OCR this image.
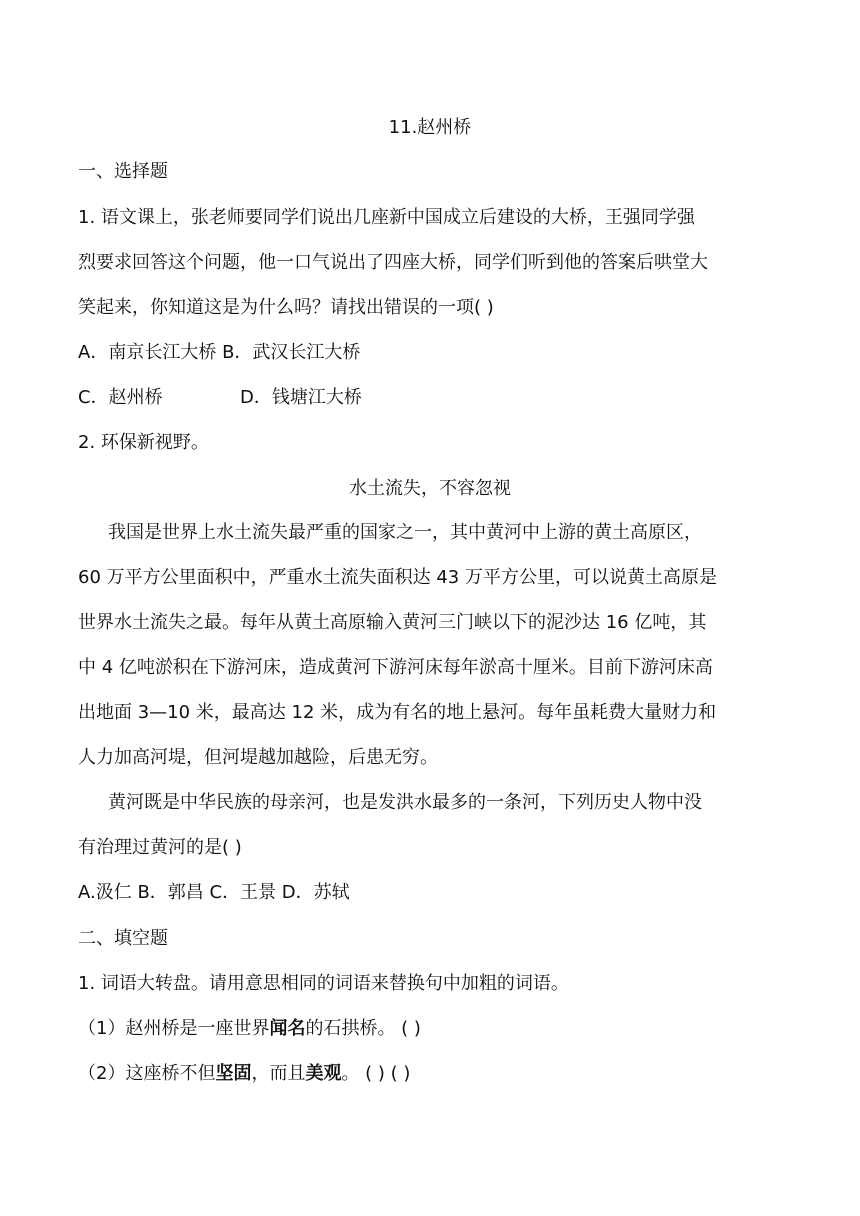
11.赵州桥
一、选择题
1. 语文课上，张老师要同学们说出几座新中国成立后建设的大桥，王强同学强
烈要求回答这个问题，他一口气说出了四座大桥，同学们听到他的答案后哄堂大
笑起来，你知道这是为什么吗？请找出错误的一项( )
A．南京长江大桥 B．武汉长江大桥
C．赵州桥	D．钱塘江大桥
2. 环保新视野。
水土流失，不容忽视
我国是世界上水土流失最严重的国家之一，其中黄河中上游的黄土高原区，
60 万平方公里面积中，严重水土流失面积达 43 万平方公里，可以说黄土高原是
世界水土流失之最。每年从黄土高原输入黄河三门峡以下的泥沙达 16 亿吨，其
中 4 亿吨淤积在下游河床，造成黄河下游河床每年淤高十厘米。目前下游河床高
出地面 3—10 米，最高达 12 米，成为有名的地上悬河。每年虽耗费大量财力和
人力加高河堤，但河堤越加越险，后患无穷。
黄河既是中华民族的母亲河，也是发洪水最多的一条河，下列历史人物中没
有治理过黄河的是( )
A.汲仁 B．郭昌 C．王景 D．苏轼
二、填空题
1. 词语大转盘。请用意思相同的词语来替换句中加粗的词语。
（1）赵州桥是一座世界闻名的石拱桥。 ( )
（2）这座桥不但坚固，而且美观。 ( ) ( )
